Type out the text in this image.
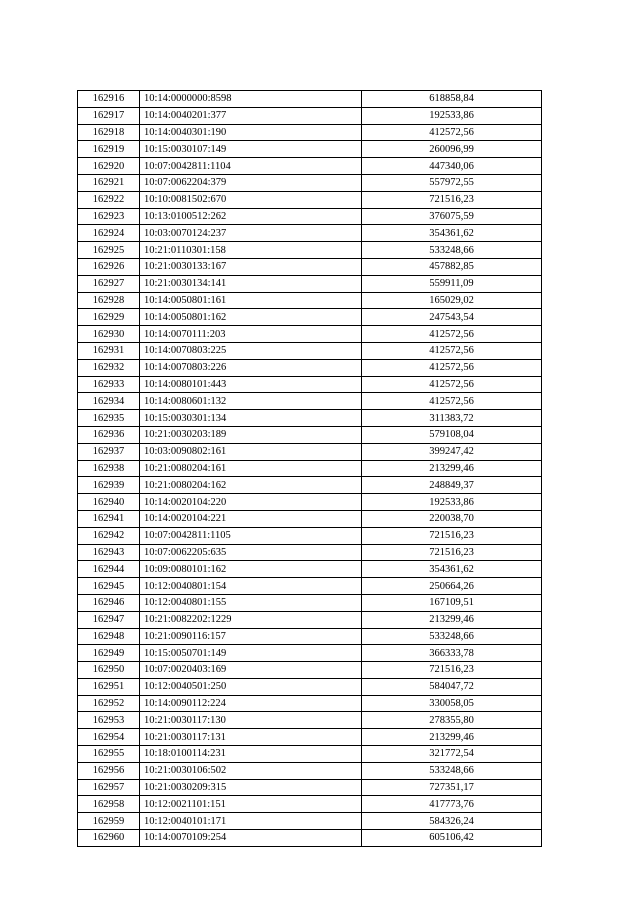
162916	10:14:0000000:8598	618858,84
162917	10:14:0040201:377	192533,86
162918	10:14:0040301:190	412572,56
162919	10:15:0030107:149	260096,99
162920	10:07:0042811:1104	447340,06
162921	10:07:0062204:379	557972,55
162922	10:10:0081502:670	721516,23
162923	10:13:0100512:262	376075,59
162924	10:03:0070124:237	354361,62
162925	10:21:0110301:158	533248,66
162926	10:21:0030133:167	457882,85
162927	10:21:0030134:141	559911,09
162928	10:14:0050801:161	165029,02
162929	10:14:0050801:162	247543,54
162930	10:14:0070111:203	412572,56
162931	10:14:0070803:225	412572,56
162932	10:14:0070803:226	412572,56
162933	10:14:0080101:443	412572,56
162934	10:14:0080601:132	412572,56
162935	10:15:0030301:134	311383,72
162936	10:21:0030203:189	579108,04
162937	10:03:0090802:161	399247,42
162938	10:21:0080204:161	213299,46
162939	10:21:0080204:162	248849,37
162940	10:14:0020104:220	192533,86
162941	10:14:0020104:221	220038,70
162942	10:07:0042811:1105	721516,23
162943	10:07:0062205:635	721516,23
162944	10:09:0080101:162	354361,62
162945	10:12:0040801:154	250664,26
162946	10:12:0040801:155	167109,51
162947	10:21:0082202:1229	213299,46
162948	10:21:0090116:157	533248,66
162949	10:15:0050701:149	366333,78
162950	10:07:0020403:169	721516,23
162951	10:12:0040501:250	584047,72
162952	10:14:0090112:224	330058,05
162953	10:21:0030117:130	278355,80
162954	10:21:0030117:131	213299,46
162955	10:18:0100114:231	321772,54
162956	10:21:0030106:502	533248,66
162957	10:21:0030209:315	727351,17
162958	10:12:0021101:151	417773,76
162959	10:12:0040101:171	584326,24
162960	10:14:0070109:254	605106,42
